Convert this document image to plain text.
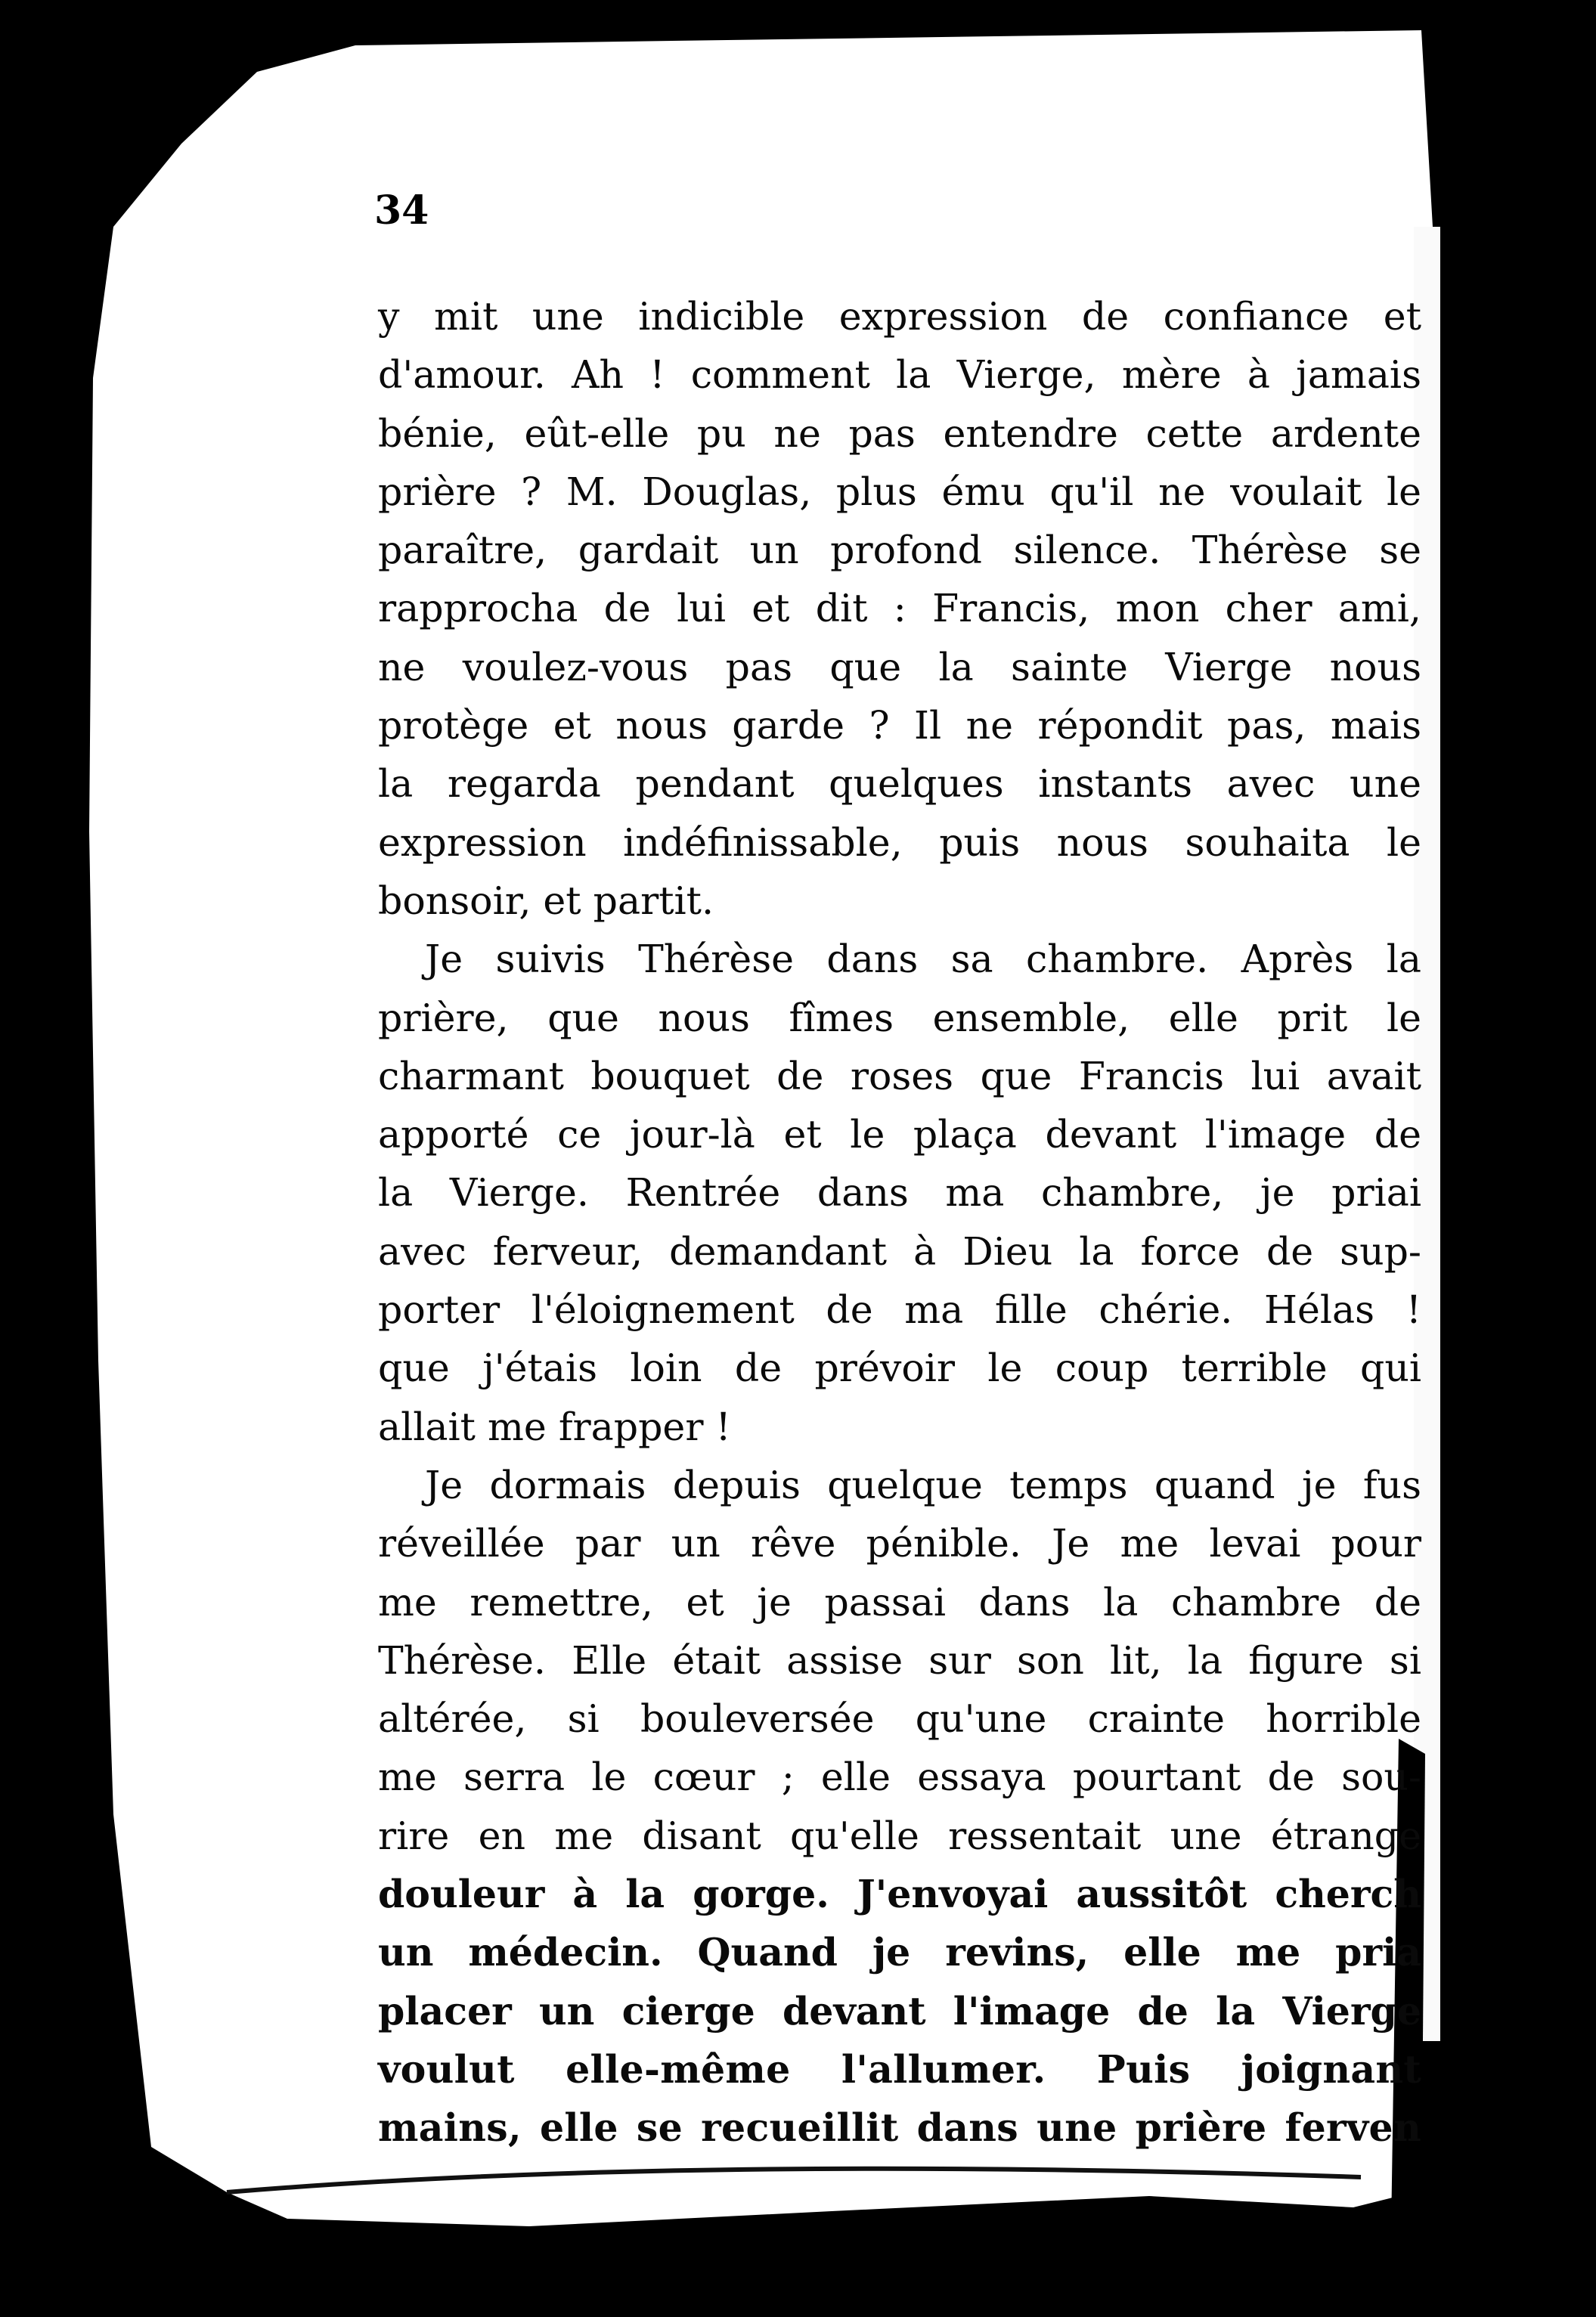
34
y mit une indicible expression de confiance et
d'amour. Ah ! comment la Vierge, mère à jamais
bénie, eût-elle pu ne pas entendre cette ardente
prière ? M. Douglas, plus ému qu'il ne voulait le
paraître, gardait un profond silence. Thérèse se
rapprocha de lui et dit : Francis, mon cher ami,
ne voulez-vous pas que la sainte Vierge nous
protège et nous garde ? Il ne répondit pas, mais
la regarda pendant quelques instants avec une
expression indéfinissable, puis nous souhaita le
bonsoir, et partit.
Je suivis Thérèse dans sa chambre. Après la
prière, que nous fîmes ensemble, elle prit le
charmant bouquet de roses que Francis lui avait
apporté ce jour-là et le plaça devant l'image de
la Vierge. Rentrée dans ma chambre, je priai
avec ferveur, demandant à Dieu la force de sup-
porter l'éloignement de ma fille chérie. Hélas !
que j'étais loin de prévoir le coup terrible qui
allait me frapper !
Je dormais depuis quelque temps quand je fus
réveillée par un rêve pénible. Je me levai pour
me remettre, et je passai dans la chambre de
Thérèse. Elle était assise sur son lit, la figure si
altérée, si bouleversée qu'une crainte horrible
me serra le cœur ; elle essaya pourtant de sou-
rire en me disant qu'elle ressentait une étrange
douleur à la gorge. J'envoyai aussitôt cherch
un médecin. Quand je revins, elle me pria
placer un cierge devant l'image de la Vierge
voulut elle-même l'allumer. Puis joignant
mains, elle se recueillit dans une prière ferven
